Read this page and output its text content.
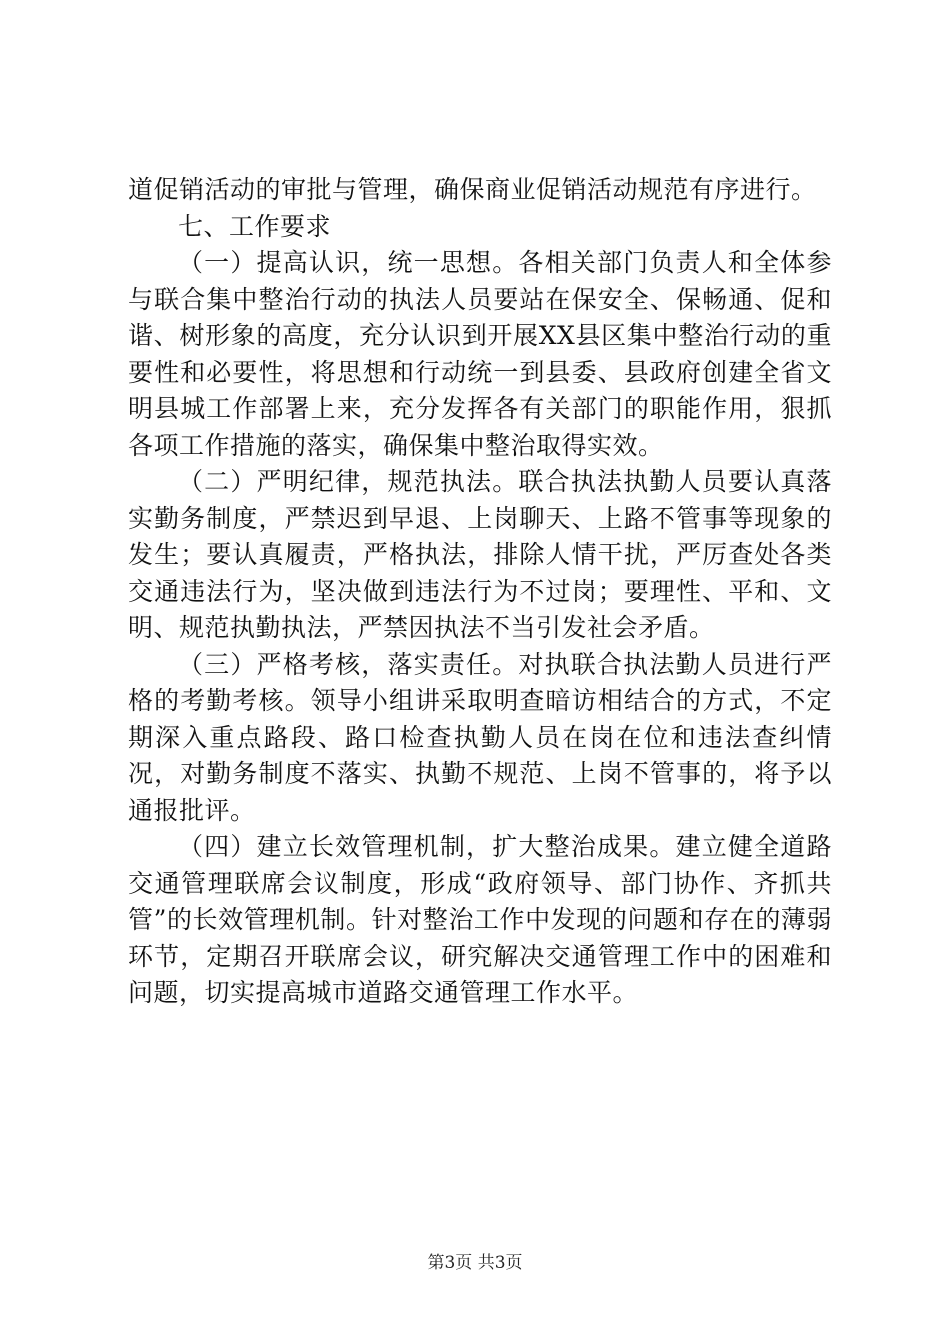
道促销活动的审批与管理，确保商业促销活动规范有序进行。

七、工作要求

（一）提高认识，统一思想。各相关部门负责人和全体参与联合集中整治行动的执法人员要站在保安全、保畅通、促和谐、树形象的高度，充分认识到开展XX县区集中整治行动的重要性和必要性，将思想和行动统一到县委、县政府创建全省文明县城工作部署上来，充分发挥各有关部门的职能作用，狠抓各项工作措施的落实，确保集中整治取得实效。

（二）严明纪律，规范执法。联合执法执勤人员要认真落实勤务制度，严禁迟到早退、上岗聊天、上路不管事等现象的发生；要认真履责，严格执法，排除人情干扰，严厉查处各类交通违法行为，坚决做到违法行为不过岗；要理性、平和、文明、规范执勤执法，严禁因执法不当引发社会矛盾。

（三）严格考核，落实责任。对执联合执法勤人员进行严格的考勤考核。领导小组讲采取明查暗访相结合的方式，不定期深入重点路段、路口检查执勤人员在岗在位和违法查纠情况，对勤务制度不落实、执勤不规范、上岗不管事的，将予以通报批评。

（四）建立长效管理机制，扩大整治成果。建立健全道路交通管理联席会议制度，形成“政府领导、部门协作、齐抓共管”的长效管理机制。针对整治工作中发现的问题和存在的薄弱环节，定期召开联席会议，研究解决交通管理工作中的困难和问题，切实提高城市道路交通管理工作水平。

第3页 共3页
